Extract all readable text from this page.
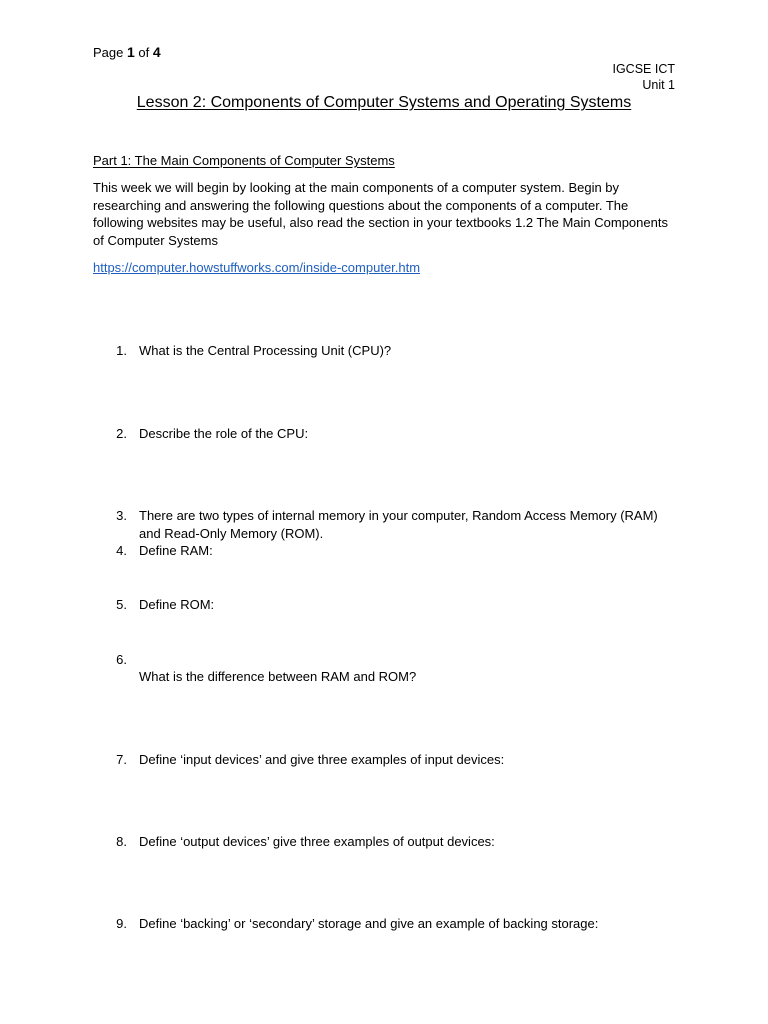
Page 1 of 4
IGCSE ICT
Unit 1
Lesson 2: Components of Computer Systems and Operating Systems
Part 1: The Main Components of Computer Systems

This week we will begin by looking at the main components of a computer system. Begin by researching and answering the following questions about the components of a computer. The following websites may be useful, also read the section in your textbooks 1.2 The Main Components of Computer Systems

https://computer.howstuffworks.com/inside-computer.htm
1. What is the Central Processing Unit (CPU)?
2. Describe the role of the CPU:
3. There are two types of internal memory in your computer, Random Access Memory (RAM) and Read-Only Memory (ROM).
4. Define RAM:
5. Define ROM:
6.
What is the difference between RAM and ROM?
7. Define ‘input devices’ and give three examples of input devices:
8. Define ‘output devices’ give three examples of output devices:
9. Define ‘backing’ or ‘secondary’ storage and give an example of backing storage:
